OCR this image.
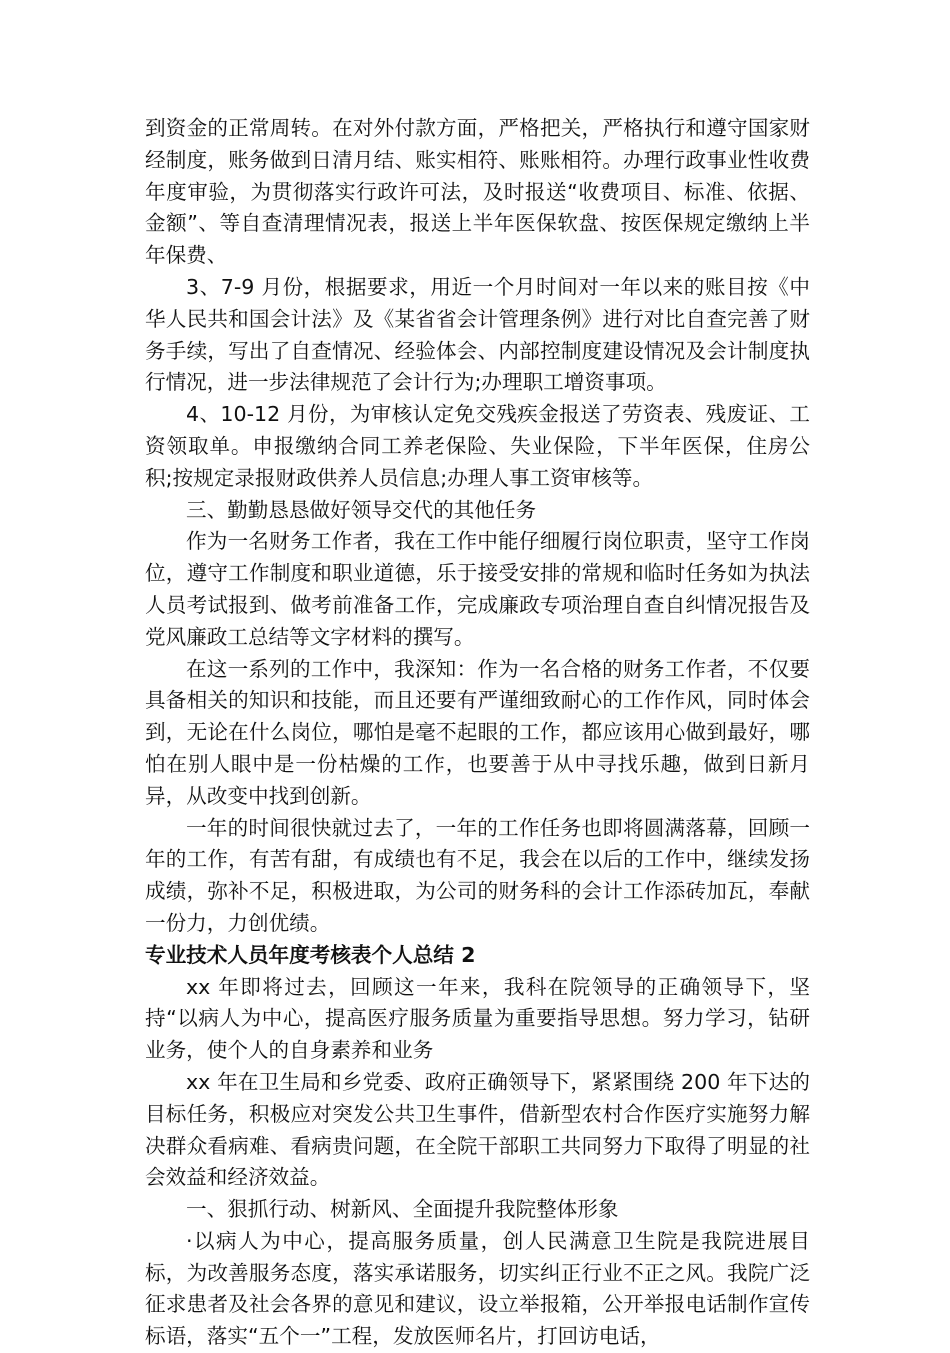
到资金的正常周转。在对外付款方面，严格把关，严格执行和遵守国家财经制度，账务做到日清月结、账实相符、账账相符。办理行政事业性收费年度审验，为贯彻落实行政许可法，及时报送“收费项目、标准、依据、金额”、等自查清理情况表，报送上半年医保软盘、按医保规定缴纳上半年保费、

3、7-9 月份，根据要求，用近一个月时间对一年以来的账目按《中华人民共和国会计法》及《某省省会计管理条例》进行对比自查完善了财务手续，写出了自查情况、经验体会、内部控制度建设情况及会计制度执行情况，进一步法律规范了会计行为;办理职工增资事项。

4、10-12 月份，为审核认定免交残疾金报送了劳资表、残废证、工资领取单。申报缴纳合同工养老保险、失业保险，下半年医保，住房公积;按规定录报财政供养人员信息;办理人事工资审核等。

三、勤勤恳恳做好领导交代的其他任务

作为一名财务工作者，我在工作中能仔细履行岗位职责，坚守工作岗位，遵守工作制度和职业道德，乐于接受安排的常规和临时任务如为执法人员考试报到、做考前准备工作，完成廉政专项治理自查自纠情况报告及党风廉政工总结等文字材料的撰写。

在这一系列的工作中，我深知：作为一名合格的财务工作者，不仅要具备相关的知识和技能，而且还要有严谨细致耐心的工作作风，同时体会到，无论在什么岗位，哪怕是毫不起眼的工作，都应该用心做到最好，哪怕在别人眼中是一份枯燥的工作，也要善于从中寻找乐趣，做到日新月异，从改变中找到创新。

一年的时间很快就过去了，一年的工作任务也即将圆满落幕，回顾一年的工作，有苦有甜，有成绩也有不足，我会在以后的工作中，继续发扬成绩，弥补不足，积极进取，为公司的财务科的会计工作添砖加瓦，奉献一份力，力创优绩。

专业技术人员年度考核表个人总结 2

xx 年即将过去，回顾这一年来，我科在院领导的正确领导下，坚持“以病人为中心，提高医疗服务质量为重要指导思想。努力学习，钻研业务，使个人的自身素养和业务

xx 年在卫生局和乡党委、政府正确领导下，紧紧围绕 200 年下达的目标任务，积极应对突发公共卫生事件，借新型农村合作医疗实施努力解决群众看病难、看病贵问题，在全院干部职工共同努力下取得了明显的社会效益和经济效益。

一、狠抓行动、树新风、全面提升我院整体形象

·以病人为中心，提高服务质量，创人民满意卫生院是我院进展目标，为改善服务态度，落实承诺服务，切实纠正行业不正之风。我院广泛征求患者及社会各界的意见和建议，设立举报箱，公开举报电话制作宣传标语，落实“五个一”工程，发放医师名片，打回访电话，
